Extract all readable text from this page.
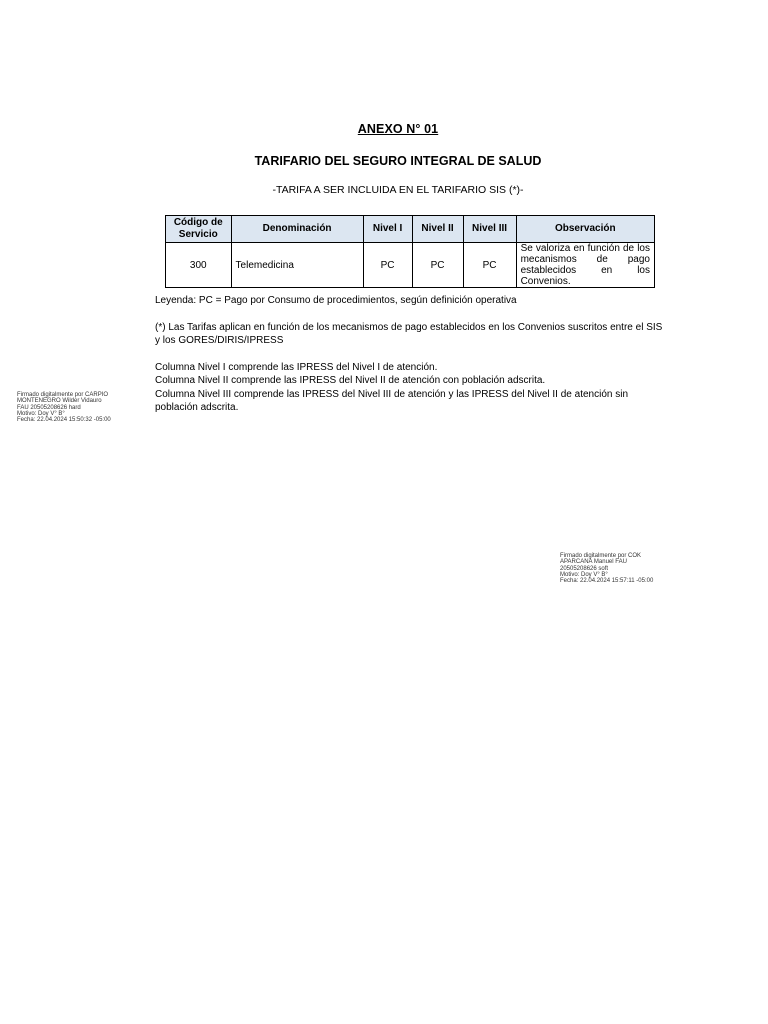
ANEXO N° 01
TARIFARIO DEL SEGURO INTEGRAL DE SALUD
-TARIFA A SER INCLUIDA EN EL TARIFARIO SIS (*)-
Código de
Servicio	Denominación	Nivel I	Nivel II	Nivel III	Observación
300	Telemedicina	PC	PC	PC	Se valoriza en función de los mecanismos de pago establecidos en los Convenios.

Leyenda: PC = Pago por Consumo de procedimientos, según definición operativa

(*) Las Tarifas aplican en función de los mecanismos de pago establecidos en los Convenios suscritos entre el SIS

y los GORES/DIRIS/IPRESS

Columna Nivel I comprende las IPRESS del Nivel I de atención.

Columna Nivel II comprende las IPRESS del Nivel II de atención con población adscrita.

Columna Nivel III comprende las IPRESS del Nivel III de atención y las IPRESS del Nivel II de atención sin

población adscrita.

Firmado digitalmente por CARPIO

MONTENEGRO Wilder Vidauro

FAU 20505208626 hard

Motivo: Doy V° B°

Fecha: 22.04.2024 15:50:32 -05:00

Firmado digitalmente por COK

APARCANA Manuel FAU

20505208626 soft

Motivo: Doy V° B°

Fecha: 22.04.2024 15:57:11 -05:00
